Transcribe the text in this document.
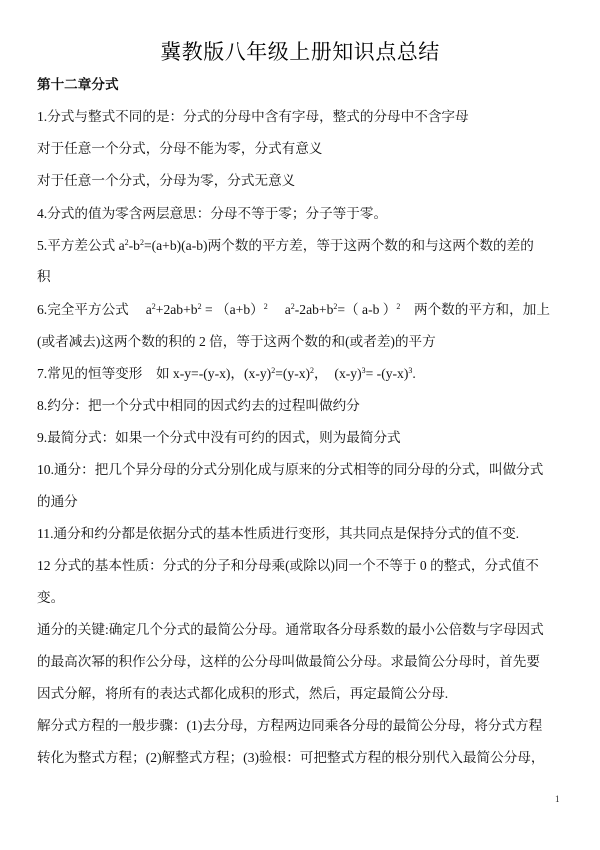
冀教版八年级上册知识点总结
第十二章分式
1.分式与整式不同的是：分式的分母中含有字母，整式的分母中不含字母
对于任意一个分式，分母不能为零，分式有意义
对于任意一个分式，分母为零，分式无意义
4.分式的值为零含两层意思：分母不等于零；分子等于零。
5.平方差公式 $a^2-b^2=(a+b)(a-b)$两个数的平方差，等于这两个数的和与这两个数的差的
积
6.完全平方公式　 $a^2+2ab+b^2 = (a+b)^2$　 $a^2-2ab+b^2=$（ a-b ）$^2$　两个数的平方和，加上
(或者减去)这两个数的积的 2 倍，等于这两个数的和(或者差)的平方
7.常见的恒等变形　如 x-y=-(y-x)，$(x-y)^2=(y-x)^2$，　$(x-y)^3= -(y-x)^3$.
8.约分：把一个分式中相同的因式约去的过程叫做约分
9.最简分式：如果一个分式中没有可约的因式，则为最简分式
10.通分：把几个异分母的分式分别化成与原来的分式相等的同分母的分式，叫做分式
的通分
11.通分和约分都是依据分式的基本性质进行变形，其共同点是保持分式的值不变.
12 分式的基本性质：分式的分子和分母乘(或除以)同一个不等于 0 的整式，分式值不
变。
通分的关键:确定几个分式的最简公分母。通常取各分母系数的最小公倍数与字母因式
的最高次幂的积作公分母，这样的公分母叫做最简公分母。求最简公分母时，首先要
因式分解，将所有的表达式都化成积的形式，然后，再定最简公分母.
解分式方程的一般步骤：(1)去分母，方程两边同乘各分母的最简公分母，将分式方程
转化为整式方程；(2)解整式方程；(3)验根：可把整式方程的根分别代入最简公分母，
1
